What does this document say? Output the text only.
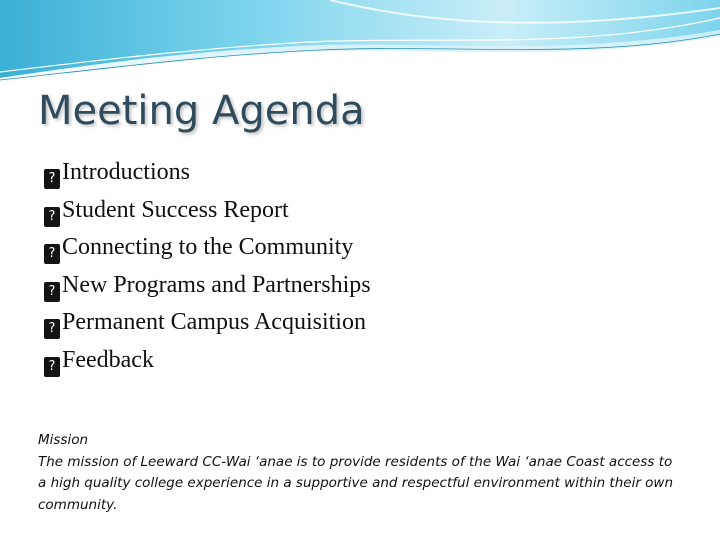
Meeting Agenda
? Introductions
? Student Success Report
? Connecting to the Community
? New Programs and Partnerships
? Permanent Campus Acquisition
? Feedback
Mission
The mission of Leeward CC-Wai ‘anae is to provide residents of the Wai ‘anae Coast access to a high quality college experience in a supportive and respectful environment within their own community.
